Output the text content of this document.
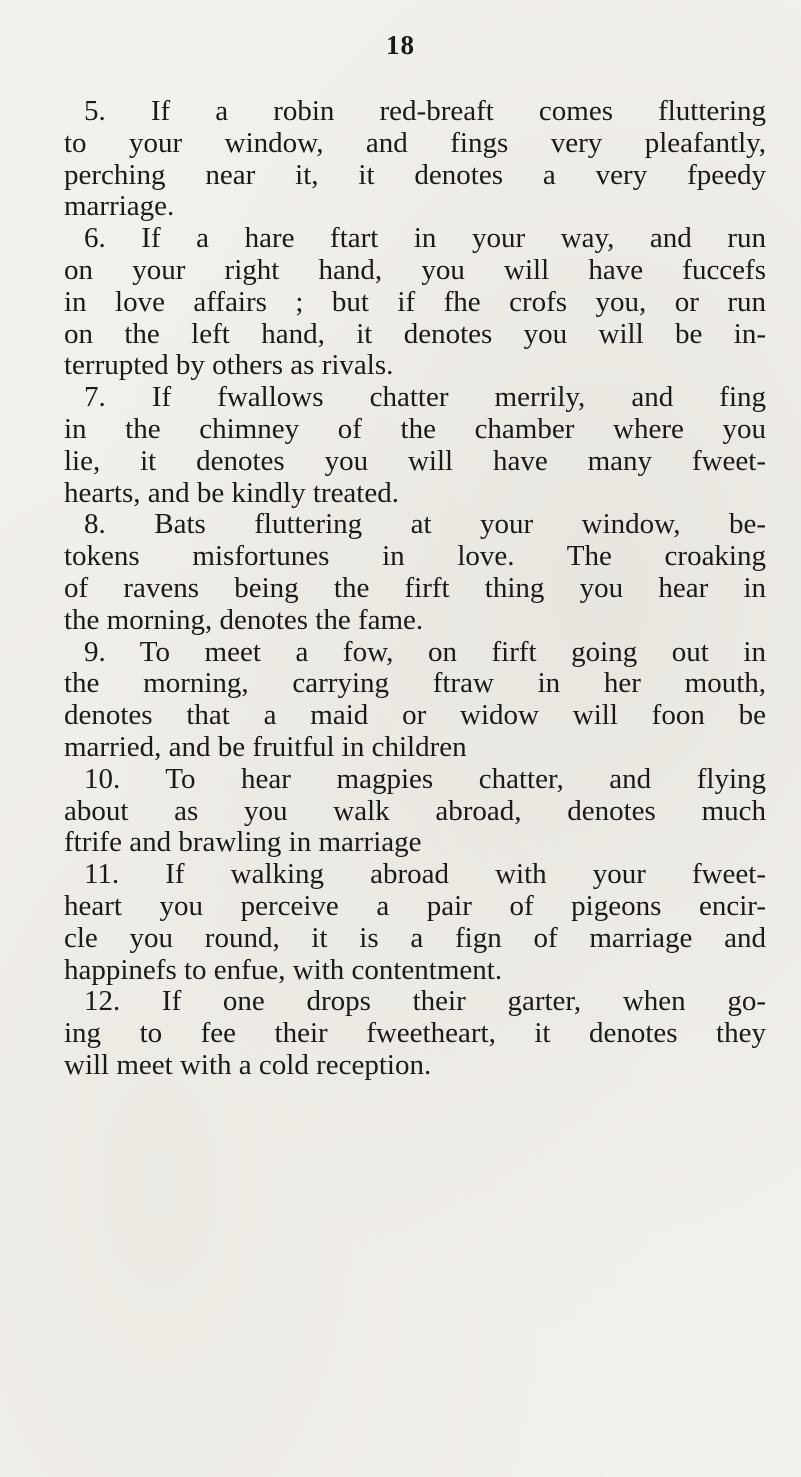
18
5. If a robin red-breaft comes fluttering
to your window, and fings very pleafantly,
perching near it, it denotes a very fpeedy
marriage.
6. If a hare ftart in your way, and run
on your right hand, you will have fuccefs
in love affairs ; but if fhe crofs you, or run
on the left hand, it denotes you will be in-
terrupted by others as rivals.
7. If fwallows chatter merrily, and fing
in the chimney of the chamber where you
lie, it denotes you will have many fweet-
hearts, and be kindly treated.
8. Bats fluttering at your window, be-
tokens misfortunes in love. The croaking
of ravens being the firft thing you hear in
the morning, denotes the fame.
9. To meet a fow, on firft going out in
the morning, carrying ftraw in her mouth,
denotes that a maid or widow will foon be
married, and be fruitful in children
10. To hear magpies chatter, and flying
about as you walk abroad, denotes much
ftrife and brawling in marriage
11. If walking abroad with your fweet-
heart you perceive a pair of pigeons encir-
cle you round, it is a fign of marriage and
happinefs to enfue, with contentment.
12. If one drops their garter, when go-
ing to fee their fweetheart, it denotes they
will meet with a cold reception.
